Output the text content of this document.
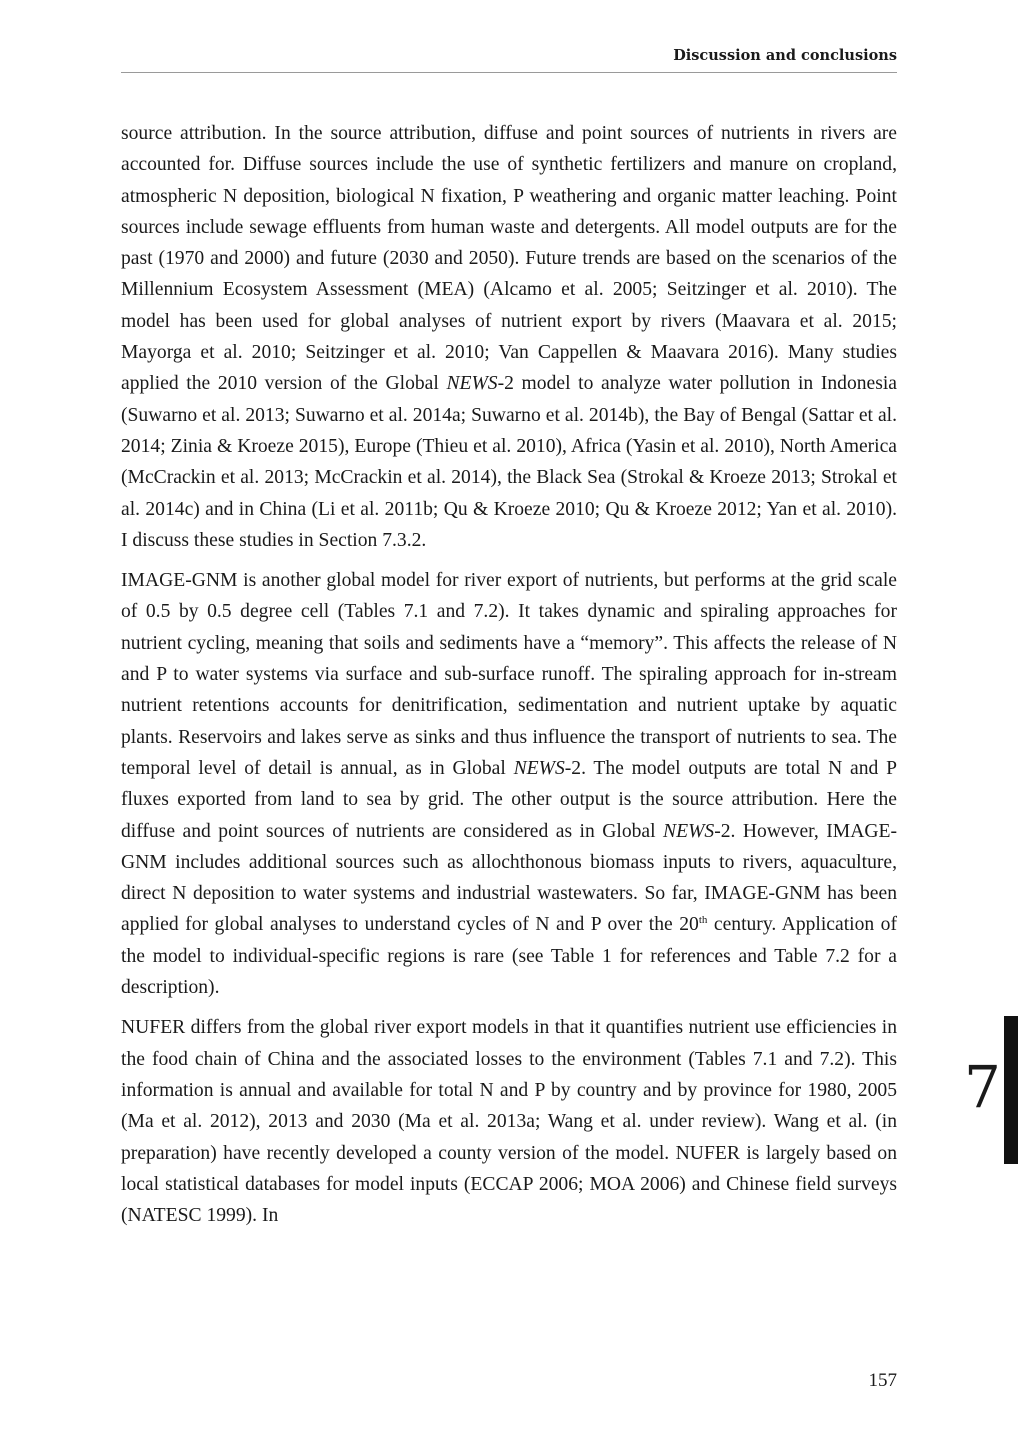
Discussion and conclusions

source attribution. In the source attribution, diffuse and point sources of nutrients in rivers are accounted for. Diffuse sources include the use of synthetic fertilizers and manure on cropland, atmospheric N deposition, biological N fixation, P weathering and organic matter leaching. Point sources include sewage effluents from human waste and detergents. All model outputs are for the past (1970 and 2000) and future (2030 and 2050). Future trends are based on the scenarios of the Millennium Ecosystem Assessment (MEA) (Alcamo et al. 2005; Seitzinger et al. 2010). The model has been used for global analyses of nutrient export by rivers (Maavara et al. 2015; Mayorga et al. 2010; Seitzinger et al. 2010; Van Cappellen & Maavara 2016). Many studies applied the 2010 version of the Global NEWS-2 model to analyze water pollution in Indonesia (Suwarno et al. 2013; Suwarno et al. 2014a; Suwarno et al. 2014b), the Bay of Bengal (Sattar et al. 2014; Zinia & Kroeze 2015), Europe (Thieu et al. 2010), Africa (Yasin et al. 2010), North America (McCrackin et al. 2013; McCrackin et al. 2014), the Black Sea (Strokal & Kroeze 2013; Strokal et al. 2014c) and in China (Li et al. 2011b; Qu & Kroeze 2010; Qu & Kroeze 2012; Yan et al. 2010). I discuss these studies in Section 7.3.2.

IMAGE-GNM is another global model for river export of nutrients, but performs at the grid scale of 0.5 by 0.5 degree cell (Tables 7.1 and 7.2). It takes dynamic and spiraling approaches for nutrient cycling, meaning that soils and sediments have a “memory”. This affects the release of N and P to water systems via surface and sub-surface runoff. The spiraling approach for in-stream nutrient retentions accounts for denitrification, sedimentation and nutrient uptake by aquatic plants. Reservoirs and lakes serve as sinks and thus influence the transport of nutrients to sea. The temporal level of detail is annual, as in Global NEWS-2. The model outputs are total N and P fluxes exported from land to sea by grid. The other output is the source attribution. Here the diffuse and point sources of nutrients are considered as in Global NEWS-2. However, IMAGE-GNM includes additional sources such as allochthonous biomass inputs to rivers, aquaculture, direct N deposition to water systems and industrial wastewaters. So far, IMAGE-GNM has been applied for global analyses to understand cycles of N and P over the 20th century. Application of the model to individual-specific regions is rare (see Table 1 for references and Table 7.2 for a description).

NUFER differs from the global river export models in that it quantifies nutrient use efficiencies in the food chain of China and the associated losses to the environment (Tables 7.1 and 7.2). This information is annual and available for total N and P by country and by province for 1980, 2005 (Ma et al. 2012), 2013 and 2030 (Ma et al. 2013a; Wang et al. under review). Wang et al. (in preparation) have recently developed a county version of the model. NUFER is largely based on local statistical databases for model inputs (ECCAP 2006; MOA 2006) and Chinese field surveys (NATESC 1999). In

7
157
